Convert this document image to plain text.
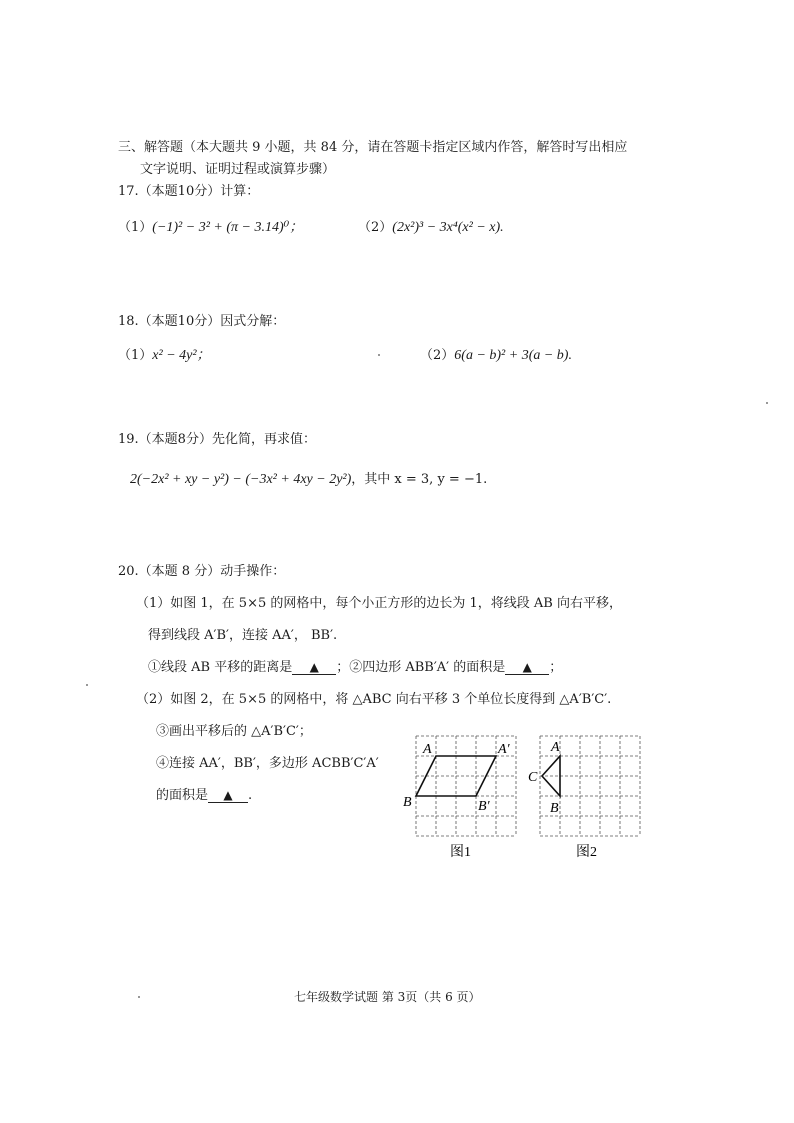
三、解答题（本大题共 9 小题，共 84 分，请在答题卡指定区域内作答，解答时写出相应
文字说明、证明过程或演算步骤）
17.（本题10分）计算：
（1）(−1)² − 3² + (π − 3.14)⁰；	（2）(2x²)³ − 3x⁴(x² − x).
18.（本题10分）因式分解：
（1）x² − 4y²；	（2）6(a − b)² + 3(a − b).
19.（本题8分）先化简，再求值：
2(−2x² + xy − y²) − (−3x² + 4xy − 2y²)，其中 x = 3, y = −1.
20.（本题 8 分）动手操作：
（1）如图 1，在 5×5 的网格中，每个小正方形的边长为 1，将线段 AB 向右平移，
得到线段 A′B′，连接 AA′， BB′.
①线段 AB 平移的距离是 ▲ ；②四边形 ABB′A′ 的面积是 ▲ ；
（2）如图 2，在 5×5 的网格中，将 △ABC 向右平移 3 个单位长度得到 △A′B′C′.
③画出平移后的 △A′B′C′；
④连接 AA′，BB′，多边形 ACBB′C′A′
的面积是 ▲ .
A	A′
B	B′
图1
A
C
B
图2
七年级数学试题 第 3页（共 6 页）
